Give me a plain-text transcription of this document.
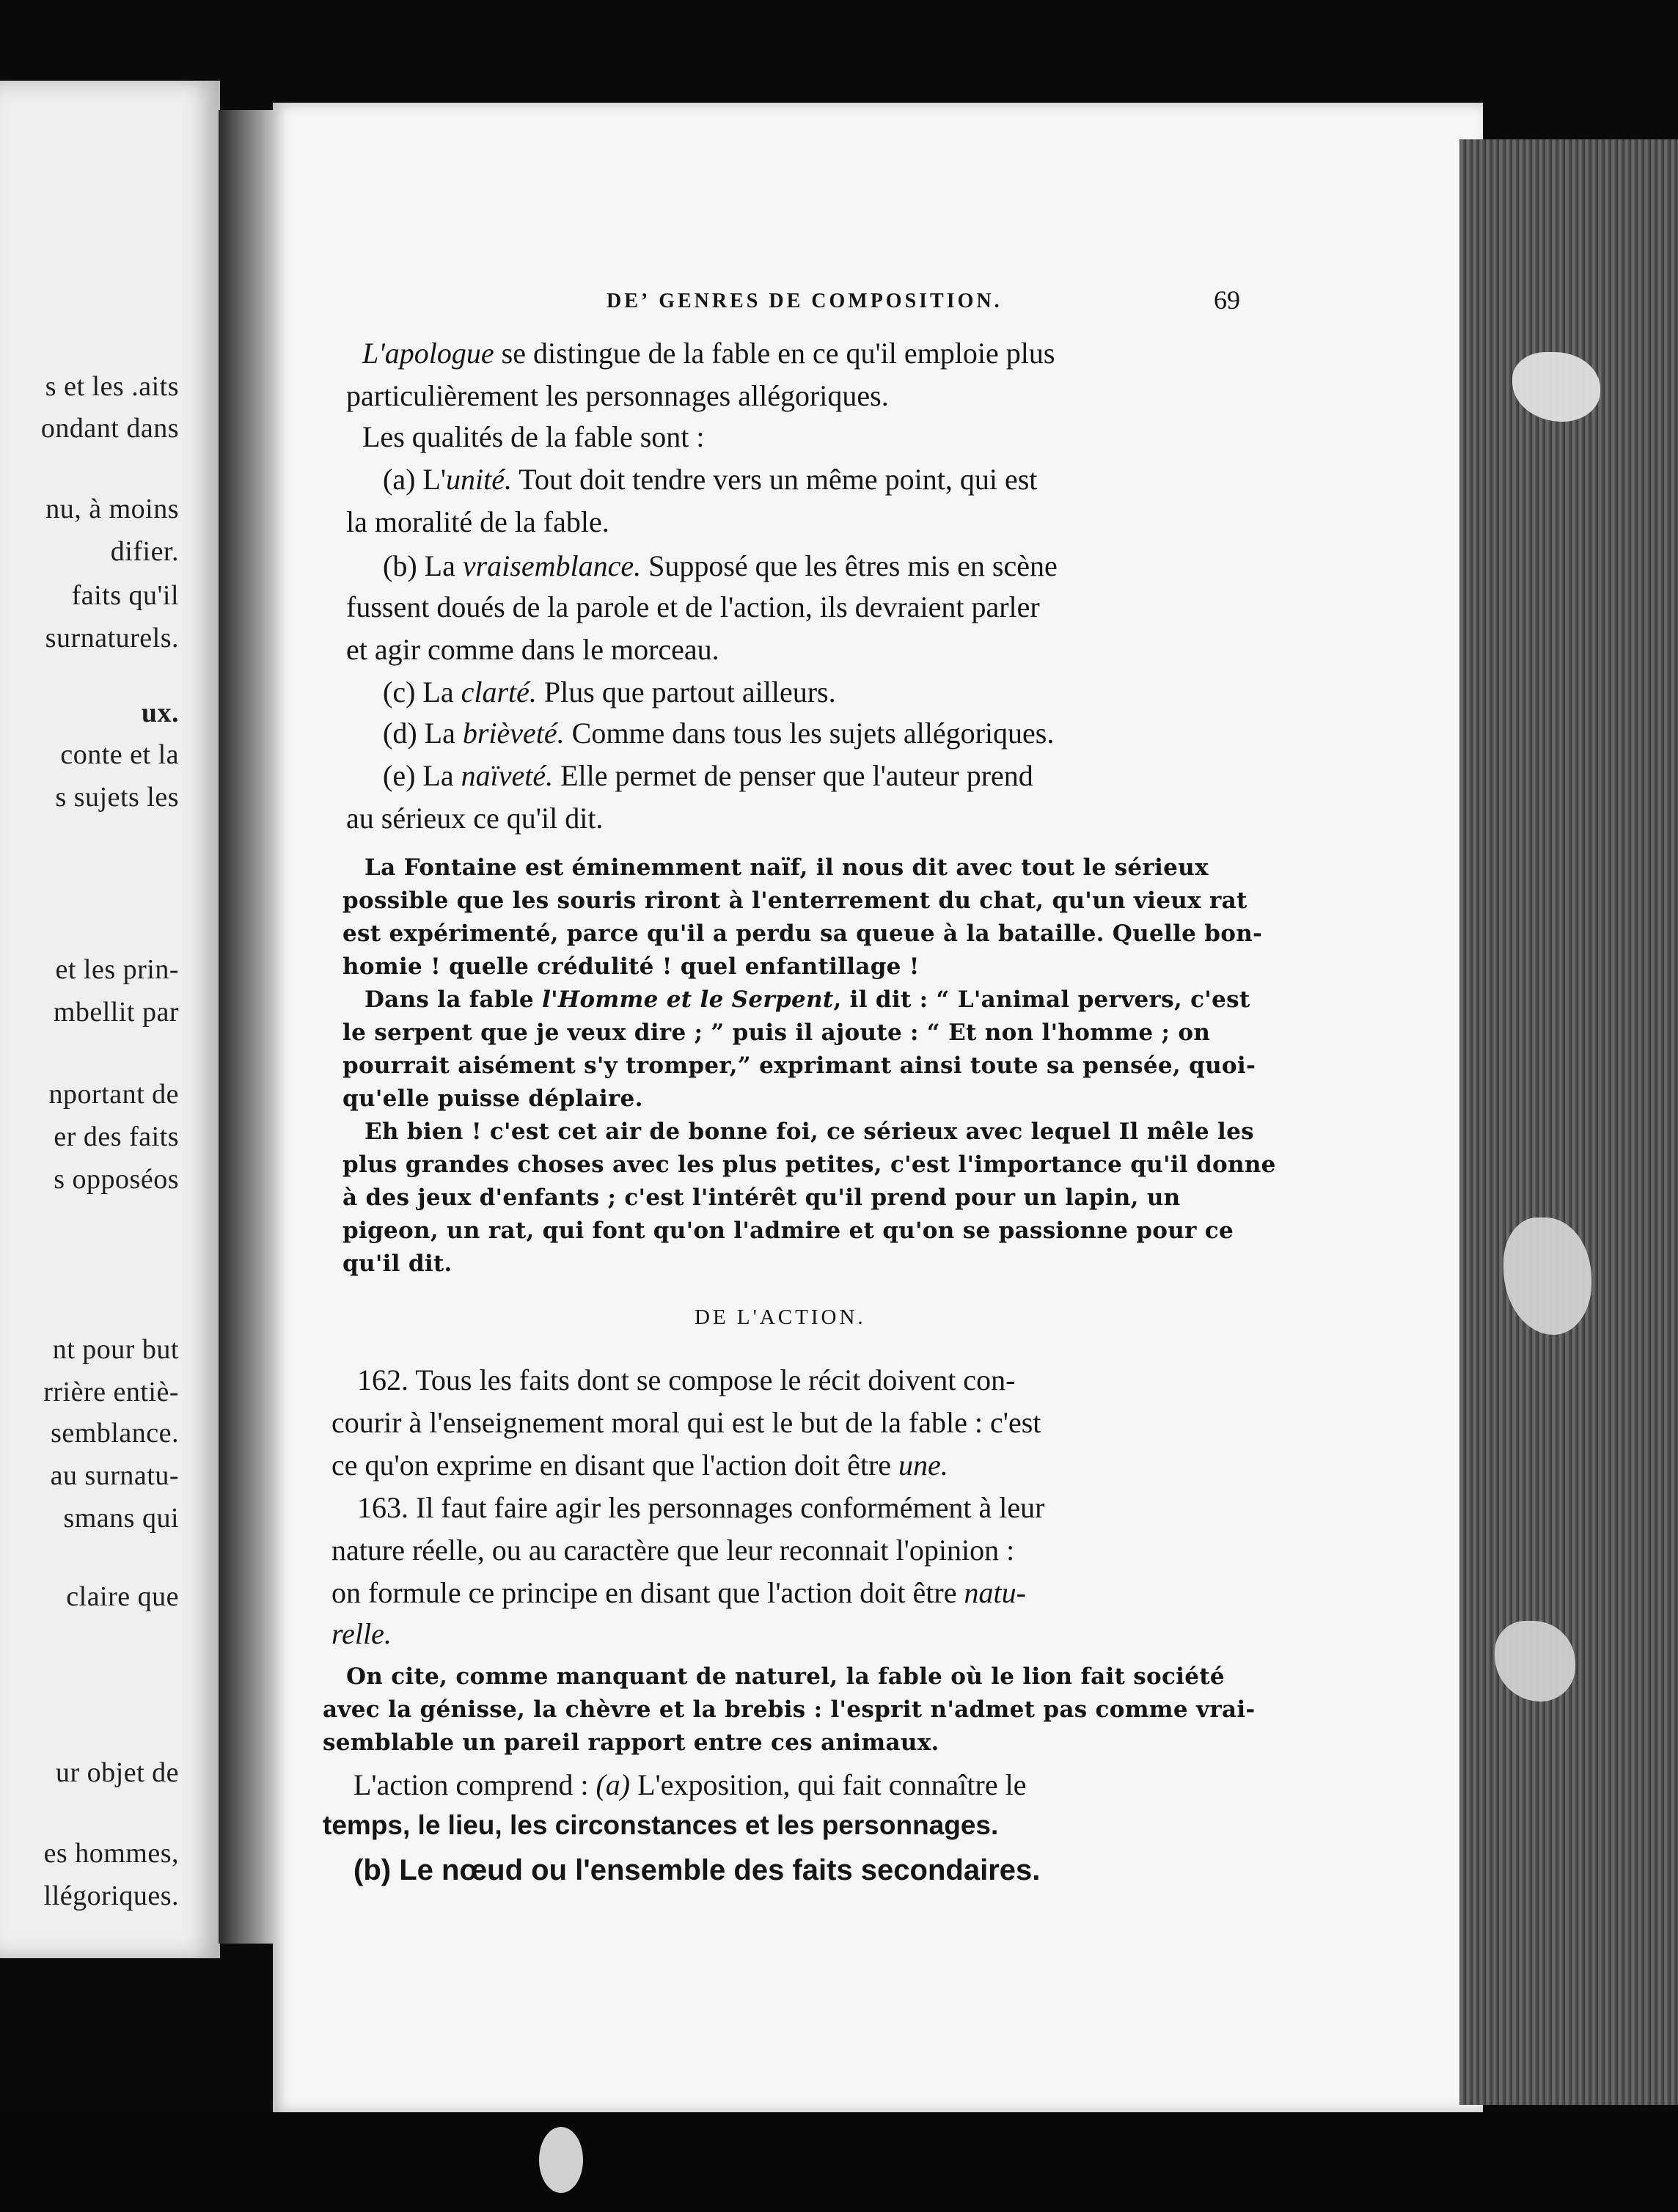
s et les .aits
ondant dans
nu, à moins
difier.
faits qu'il
surnaturels.
ux.
conte et la
s sujets les
et les prin-
mbellit par
nportant de
er des faits
s opposéos
nt pour but
rrière entiè-
semblance.
au surnatu-
smans qui
claire que
ur objet de
es hommes,
llégoriques.
DEʼ GENRES DE COMPOSITION.	69
L'apologue se distingue de la fable en ce qu'il emploie plus
particulièrement les personnages allégoriques.
Les qualités de la fable sont :
(a) L'unité. Tout doit tendre vers un même point, qui est
la moralité de la fable.
(b) La vraisemblance. Supposé que les êtres mis en scène
fussent doués de la parole et de l'action, ils devraient parler
et agir comme dans le morceau.
(c) La clarté. Plus que partout ailleurs.
(d) La brièveté. Comme dans tous les sujets allégoriques.
(e) La naïveté. Elle permet de penser que l'auteur prend
au sérieux ce qu'il dit.
La Fontaine est éminemment naïf, il nous dit avec tout le sérieux
possible que les souris riront à l'enterrement du chat, qu'un vieux rat
est expérimenté, parce qu'il a perdu sa queue à la bataille. Quelle bon-
homie ! quelle crédulité ! quel enfantillage !
Dans la fable l'Homme et le Serpent, il dit : “ L'animal pervers, c'est
le serpent que je veux dire ; ” puis il ajoute : “ Et non l'homme ; on
pourrait aisément s'y tromper,” exprimant ainsi toute sa pensée, quoi-
qu'elle puisse déplaire.
Eh bien ! c'est cet air de bonne foi, ce sérieux avec lequel Il mêle les
plus grandes choses avec les plus petites, c'est l'importance qu'il donne
à des jeux d'enfants ; c'est l'intérêt qu'il prend pour un lapin, un
pigeon, un rat, qui font qu'on l'admire et qu'on se passionne pour ce
qu'il dit.
DE L'ACTION.
162. Tous les faits dont se compose le récit doivent con-
courir à l'enseignement moral qui est le but de la fable : c'est
ce qu'on exprime en disant que l'action doit être une.
163. Il faut faire agir les personnages conformément à leur
nature réelle, ou au caractère que leur reconnait l'opinion :
on formule ce principe en disant que l'action doit être natu-
relle.
On cite, comme manquant de naturel, la fable où le lion fait société
avec la génisse, la chèvre et la brebis : l'esprit n'admet pas comme vrai-
semblable un pareil rapport entre ces animaux.
L'action comprend : (a) L'exposition, qui fait connaître le
temps, le lieu, les circonstances et les personnages.
(b) Le nœud ou l'ensemble des faits secondaires.
